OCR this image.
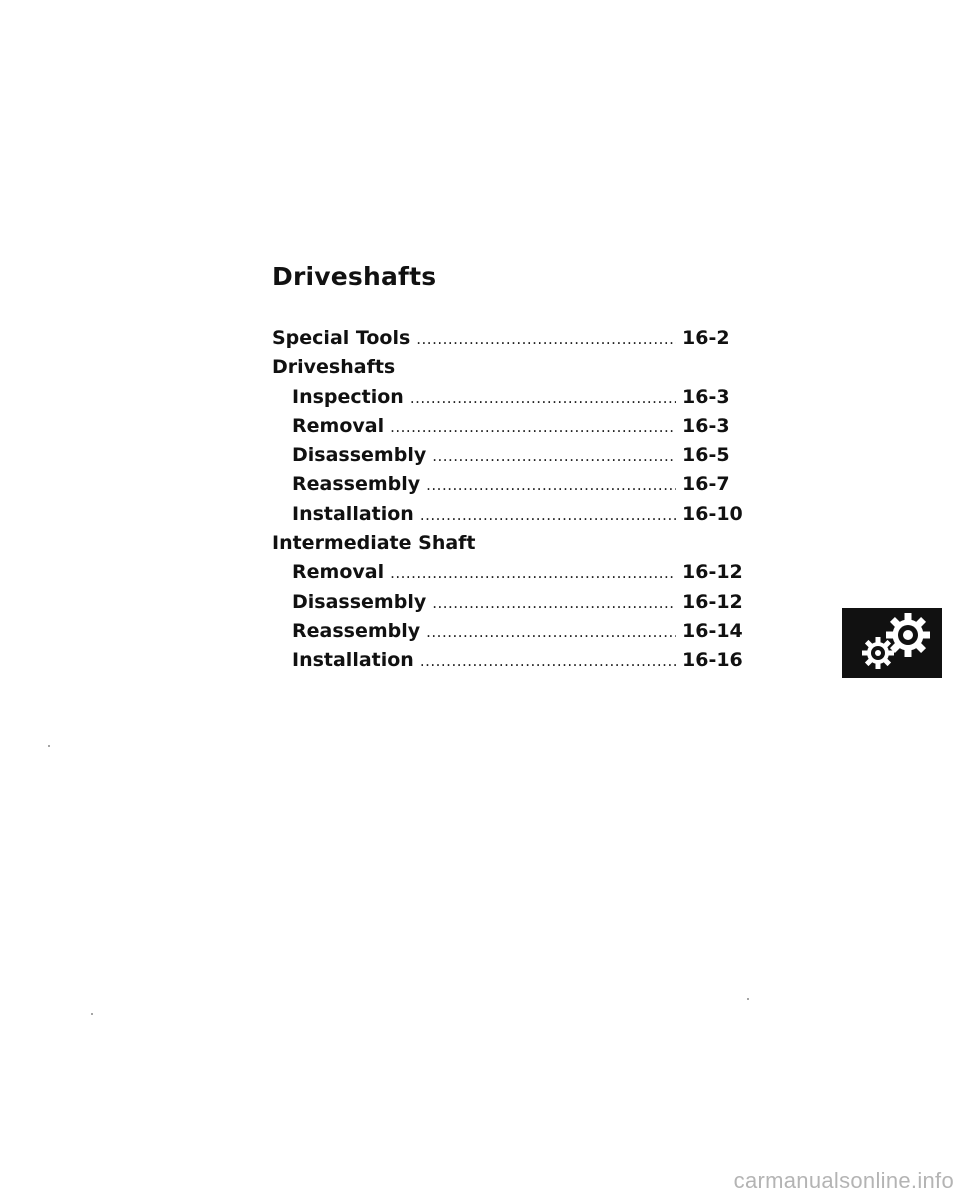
Driveshafts
Special Tools .....	16-2
Driveshafts
Inspection .....	16-3
Removal .....	16-3
Disassembly .....	16-5
Reassembly .....	16-7
Installation .....	16-10
Intermediate Shaft
Removal .....	16-12
Disassembly .....	16-12
Reassembly .....	16-14
Installation .....	16-16
carmanualsonline.info
